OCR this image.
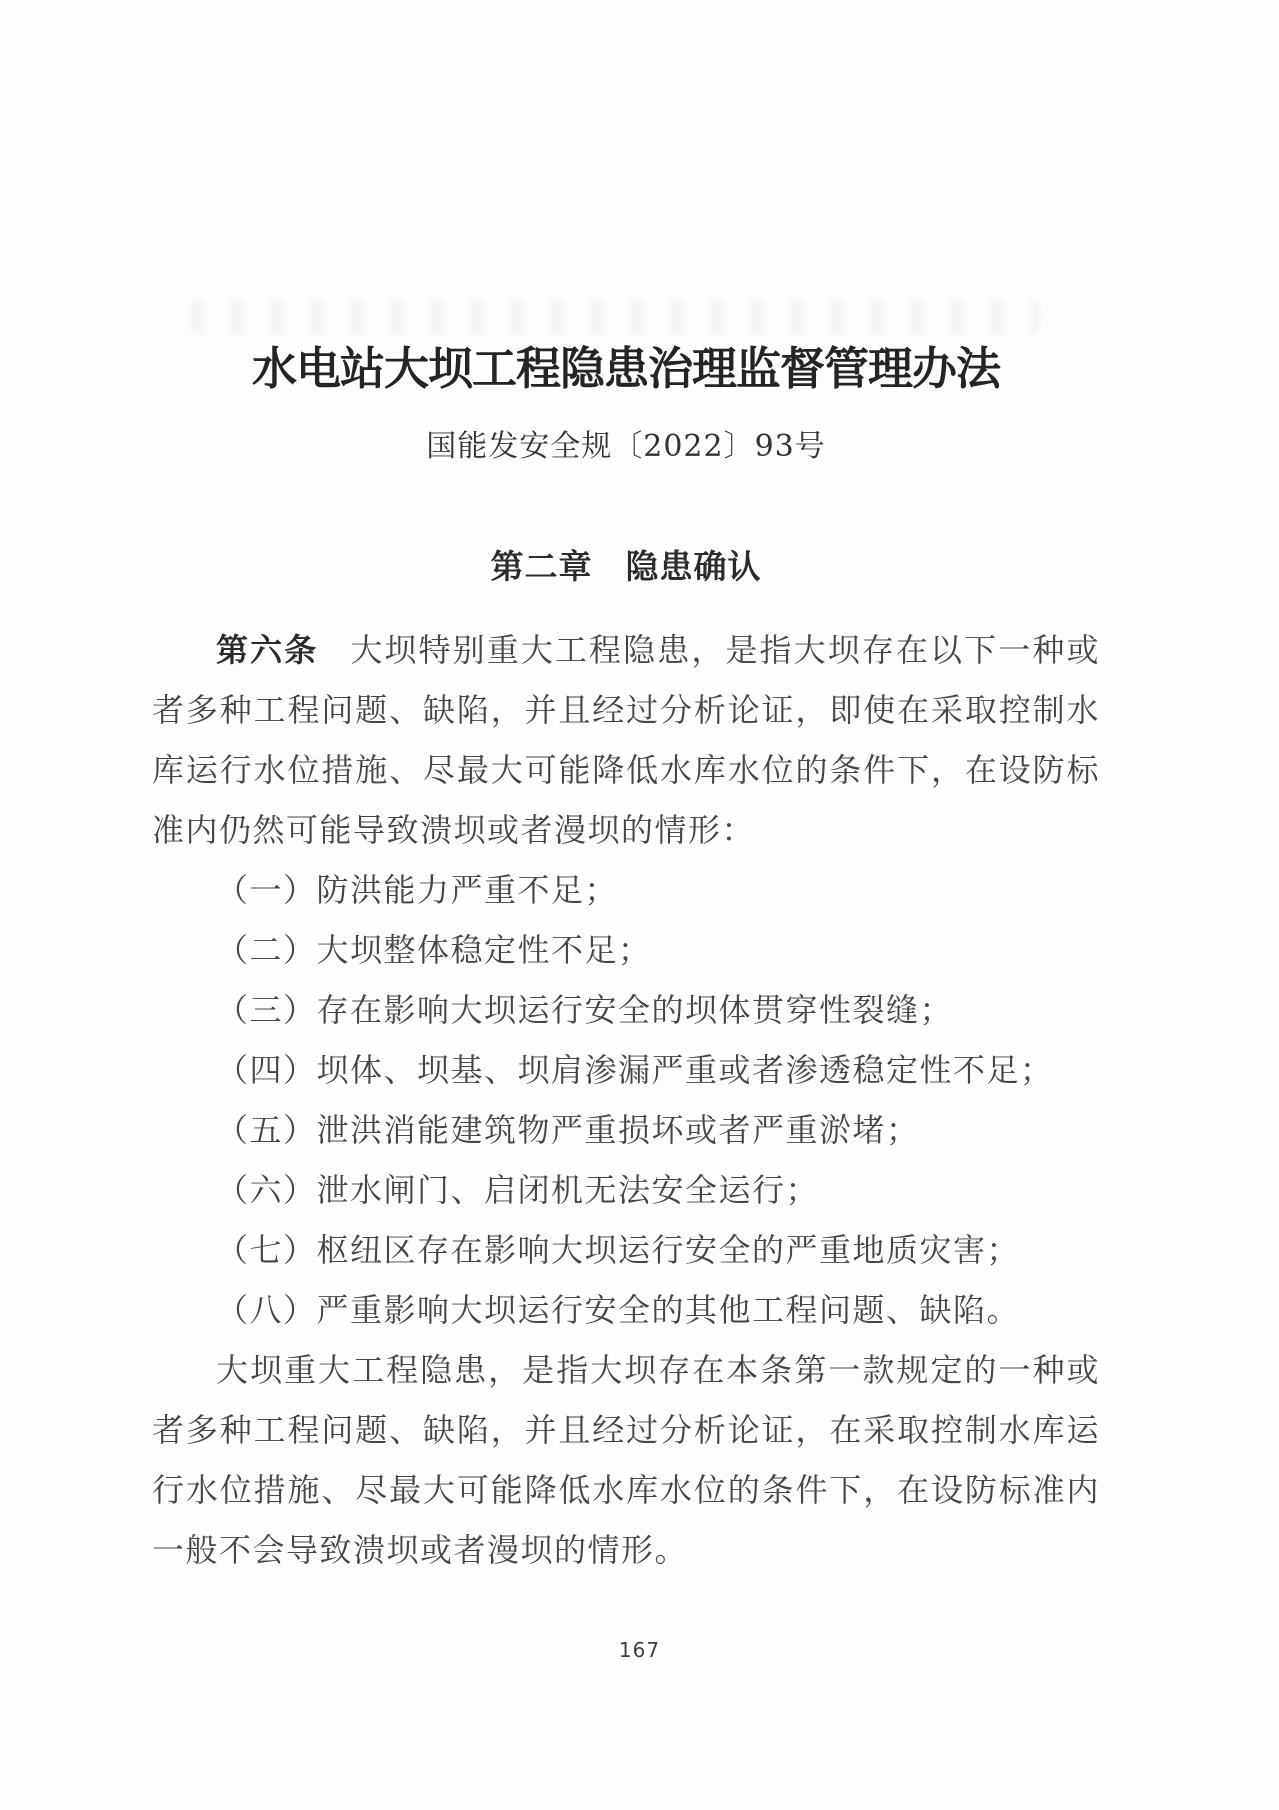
水电站大坝工程隐患治理监督管理办法
国能发安全规〔2022〕93号
第二章 隐患确认

第六条 大坝特别重大工程隐患，是指大坝存在以下一种或者多种工程问题、缺陷，并且经过分析论证，即使在采取控制水库运行水位措施、尽最大可能降低水库水位的条件下，在设防标准内仍然可能导致溃坝或者漫坝的情形：

（一）防洪能力严重不足；

（二）大坝整体稳定性不足；

（三）存在影响大坝运行安全的坝体贯穿性裂缝；

（四）坝体、坝基、坝肩渗漏严重或者渗透稳定性不足；

（五）泄洪消能建筑物严重损坏或者严重淤堵；

（六）泄水闸门、启闭机无法安全运行；

（七）枢纽区存在影响大坝运行安全的严重地质灾害；

（八）严重影响大坝运行安全的其他工程问题、缺陷。

大坝重大工程隐患，是指大坝存在本条第一款规定的一种或者多种工程问题、缺陷，并且经过分析论证，在采取控制水库运行水位措施、尽最大可能降低水库水位的条件下，在设防标准内一般不会导致溃坝或者漫坝的情形。

167
